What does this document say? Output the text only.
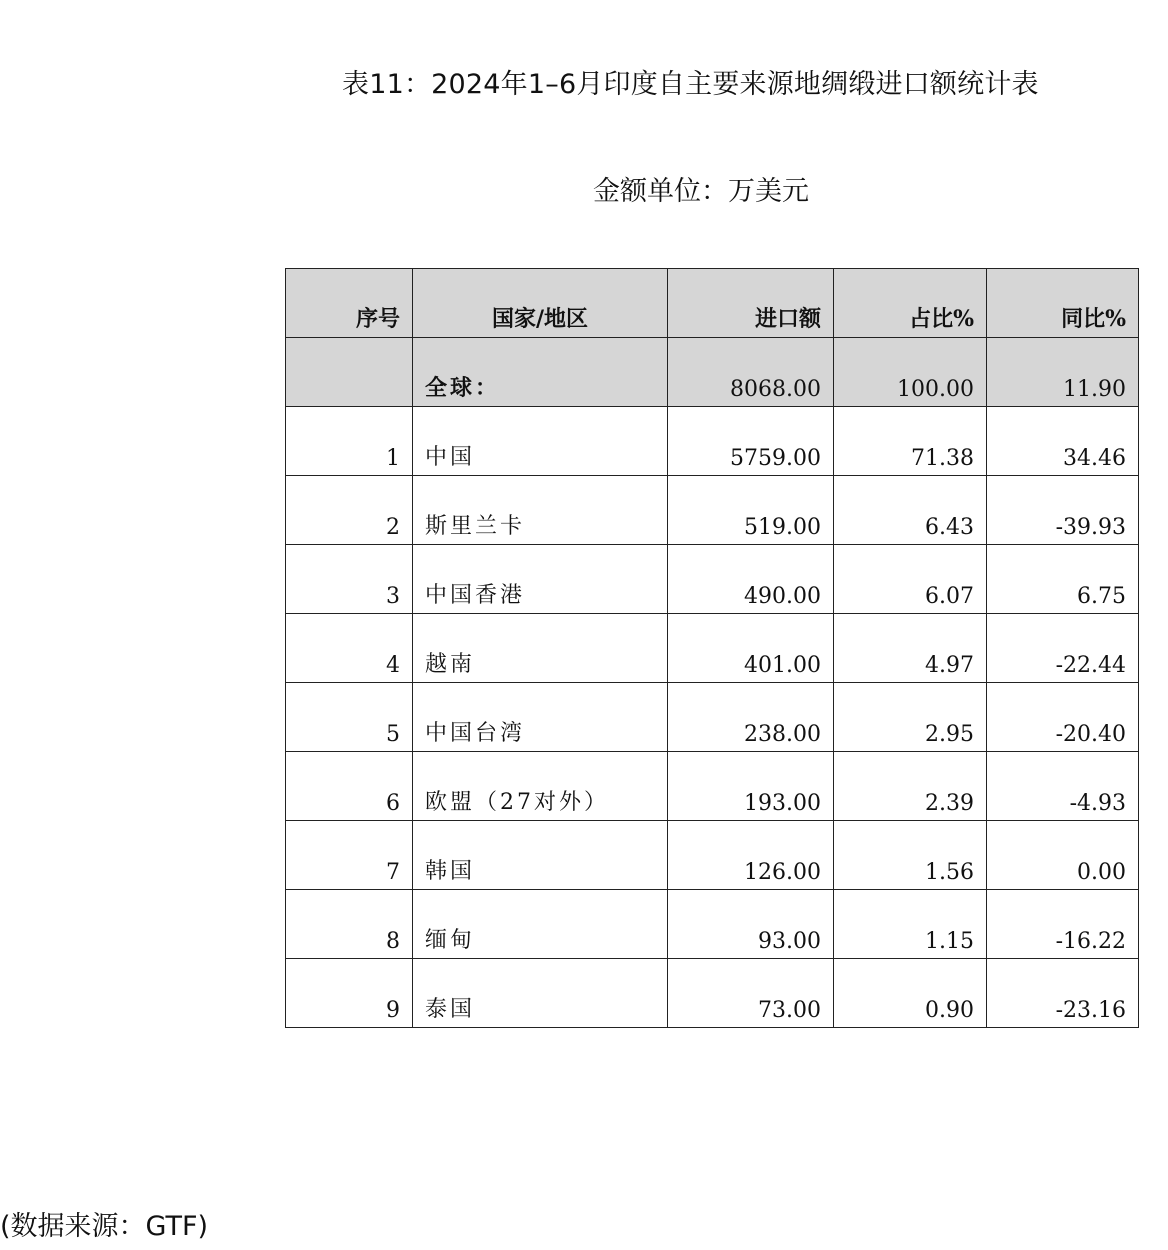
表11：2024年1–6月印度自主要来源地绸缎进口额统计表
金额单位：万美元
序号	国家/地区	进口额	占比%	同比%
	全球：	8068.00	100.00	11.90
1	中国	5759.00	71.38	34.46
2	斯里兰卡	519.00	6.43	-39.93
3	中国香港	490.00	6.07	6.75
4	越南	401.00	4.97	-22.44
5	中国台湾	238.00	2.95	-20.40
6	欧盟（27对外）	193.00	2.39	-4.93
7	韩国	126.00	1.56	0.00
8	缅甸	93.00	1.15	-16.22
9	泰国	73.00	0.90	-23.16
(数据来源：GTF)
